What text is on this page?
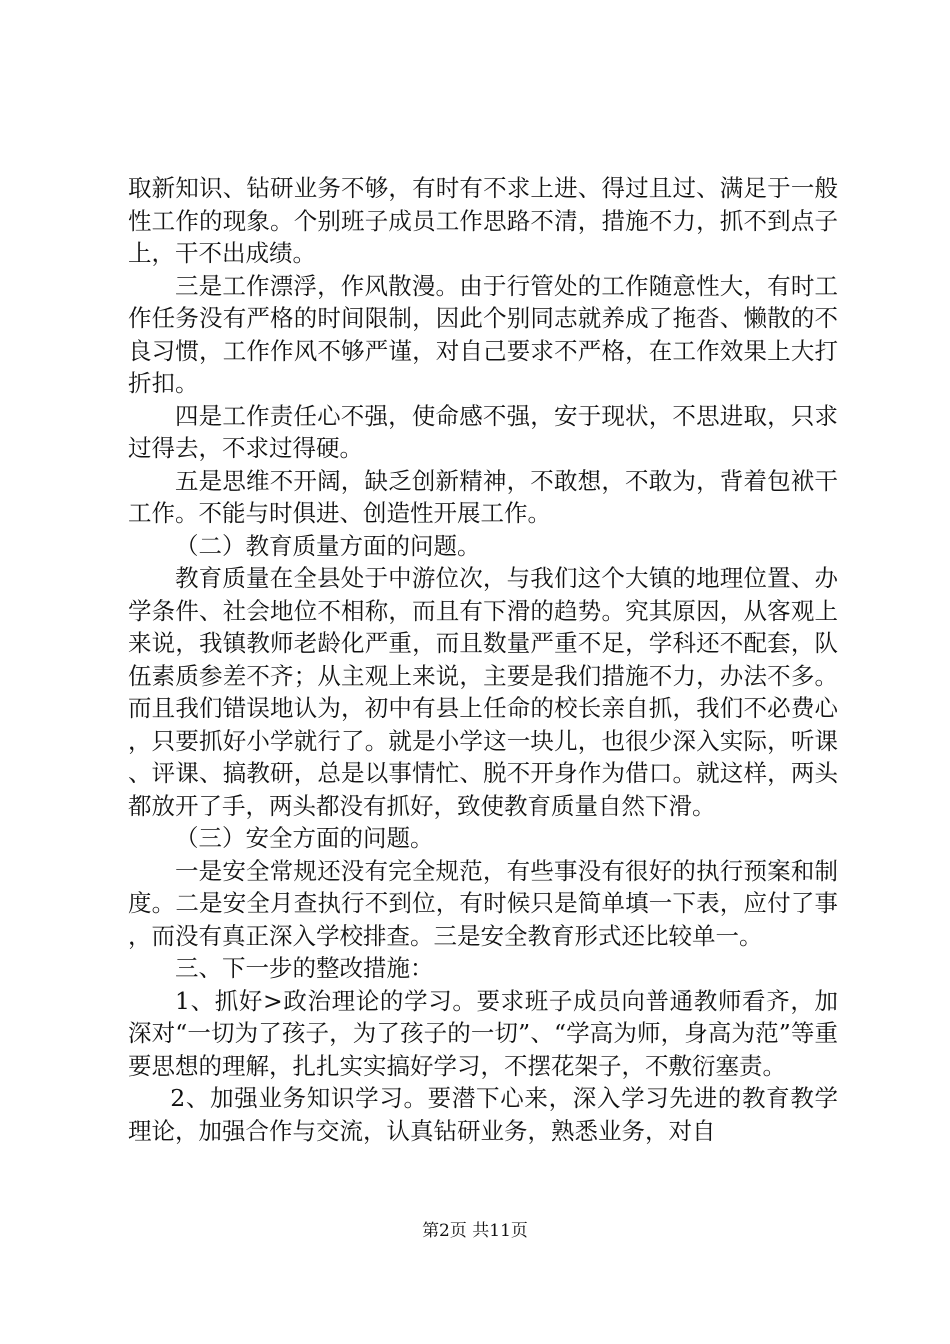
取新知识、钻研业务不够，有时有不求上进、得过且过、满足于一般性工作的现象。个别班子成员工作思路不清，措施不力，抓不到点子上，干不出成绩。

三是工作漂浮，作风散漫。由于行管处的工作随意性大，有时工作任务没有严格的时间限制，因此个别同志就养成了拖沓、懒散的不良习惯，工作作风不够严谨，对自己要求不严格，在工作效果上大打折扣。

四是工作责任心不强，使命感不强，安于现状，不思进取，只求过得去，不求过得硬。

五是思维不开阔，缺乏创新精神，不敢想，不敢为，背着包袱干工作。不能与时俱进、创造性开展工作。

（二）教育质量方面的问题。

教育质量在全县处于中游位次，与我们这个大镇的地理位置、办学条件、社会地位不相称，而且有下滑的趋势。究其原因，从客观上来说，我镇教师老龄化严重，而且数量严重不足，学科还不配套，队伍素质参差不齐；从主观上来说，主要是我们措施不力，办法不多。而且我们错误地认为，初中有县上任命的校长亲自抓，我们不必费心，只要抓好小学就行了。就是小学这一块儿，也很少深入实际，听课、评课、搞教研，总是以事情忙、脱不开身作为借口。就这样，两头都放开了手，两头都没有抓好，致使教育质量自然下滑。

（三）安全方面的问题。

一是安全常规还没有完全规范，有些事没有很好的执行预案和制度。二是安全月查执行不到位，有时候只是简单填一下表，应付了事，而没有真正深入学校排查。三是安全教育形式还比较单一。

三、下一步的整改措施：

1、抓好>政治理论的学习。要求班子成员向普通教师看齐，加深对“一切为了孩子，为了孩子的一切”、“学高为师，身高为范”等重要思想的理解，扎扎实实搞好学习，不摆花架子，不敷衍塞责。

2、加强业务知识学习。要潜下心来，深入学习先进的教育教学理论，加强合作与交流，认真钻研业务，熟悉业务，对自

第2页 共11页
